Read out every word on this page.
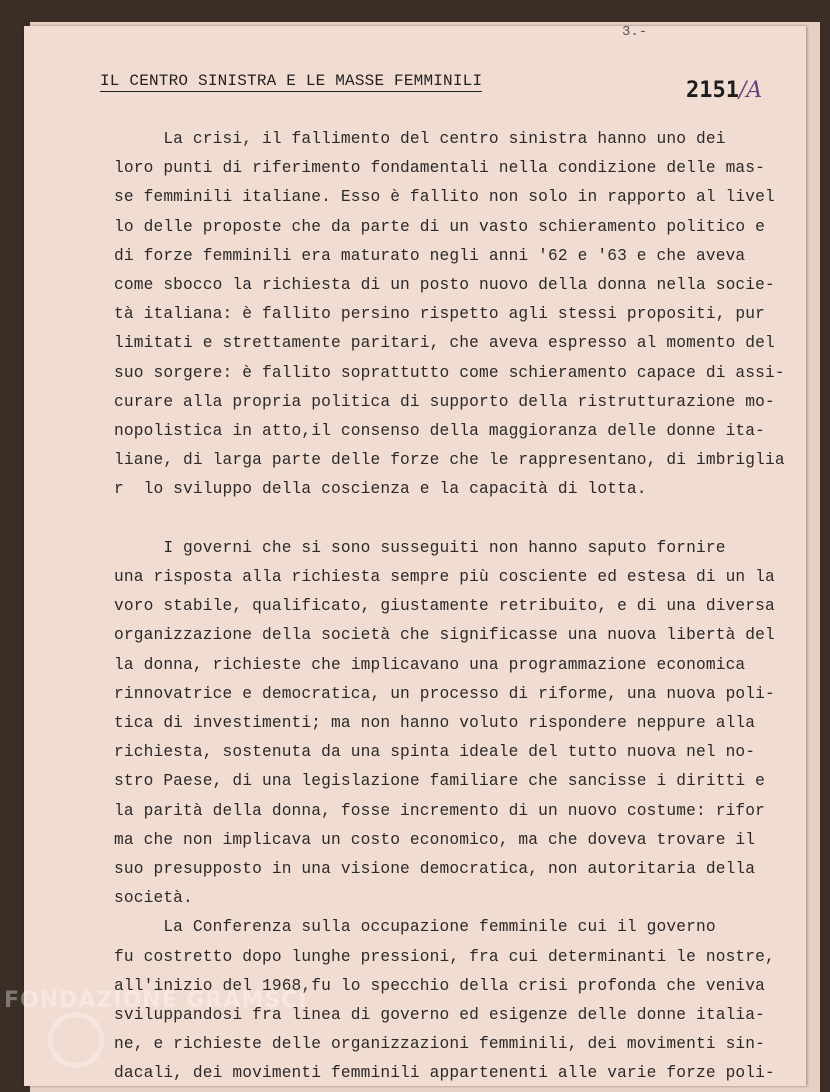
3.-
IL CENTRO SINISTRA E LE MASSE FEMMINILI	2151/A
La crisi, il fallimento del centro sinistra hanno uno dei
loro punti di riferimento fondamentali nella condizione delle mas-
se femminili italiane. Esso è fallito non solo in rapporto al livel
lo delle proposte che da parte di un vasto schieramento politico e
di forze femminili era maturato negli anni '62 e '63 e che aveva
come sbocco la richiesta di un posto nuovo della donna nella socie-
tà italiana: è fallito persino rispetto agli stessi propositi, pur
limitati e strettamente paritari, che aveva espresso al momento del
suo sorgere: è fallito soprattutto come schieramento capace di assi-
curare alla propria politica di supporto della ristrutturazione mo-
nopolistica in atto,il consenso della maggioranza delle donne ita-
liane, di larga parte delle forze che le rappresentano, di imbriglia
r  lo sviluppo della coscienza e la capacità di lotta.
I governi che si sono susseguiti non hanno saputo fornire
una risposta alla richiesta sempre più cosciente ed estesa di un la
voro stabile, qualificato, giustamente retribuito, e di una diversa
organizzazione della società che significasse una nuova libertà del
la donna, richieste che implicavano una programmazione economica
rinnovatrice e democratica, un processo di riforme, una nuova poli-
tica di investimenti; ma non hanno voluto rispondere neppure alla
richiesta, sostenuta da una spinta ideale del tutto nuova nel no-
stro Paese, di una legislazione familiare che sancisse i diritti e
la parità della donna, fosse incremento di un nuovo costume: rifor
ma che non implicava un costo economico, ma che doveva trovare il
suo presupposto in una visione democratica, non autoritaria della
società.
La Conferenza sulla occupazione femminile cui il governo
fu costretto dopo lunghe pressioni, fra cui determinanti le nostre,
all'inizio del 1968,fu lo specchio della crisi profonda che veniva
sviluppandosi fra linea di governo ed esigenze delle donne italia-
ne, e richieste delle organizzazioni femminili, dei movimenti sin-
dacali, dei movimenti femminili appartenenti alle varie forze poli-
FONDAZIONE GRAMSCI
